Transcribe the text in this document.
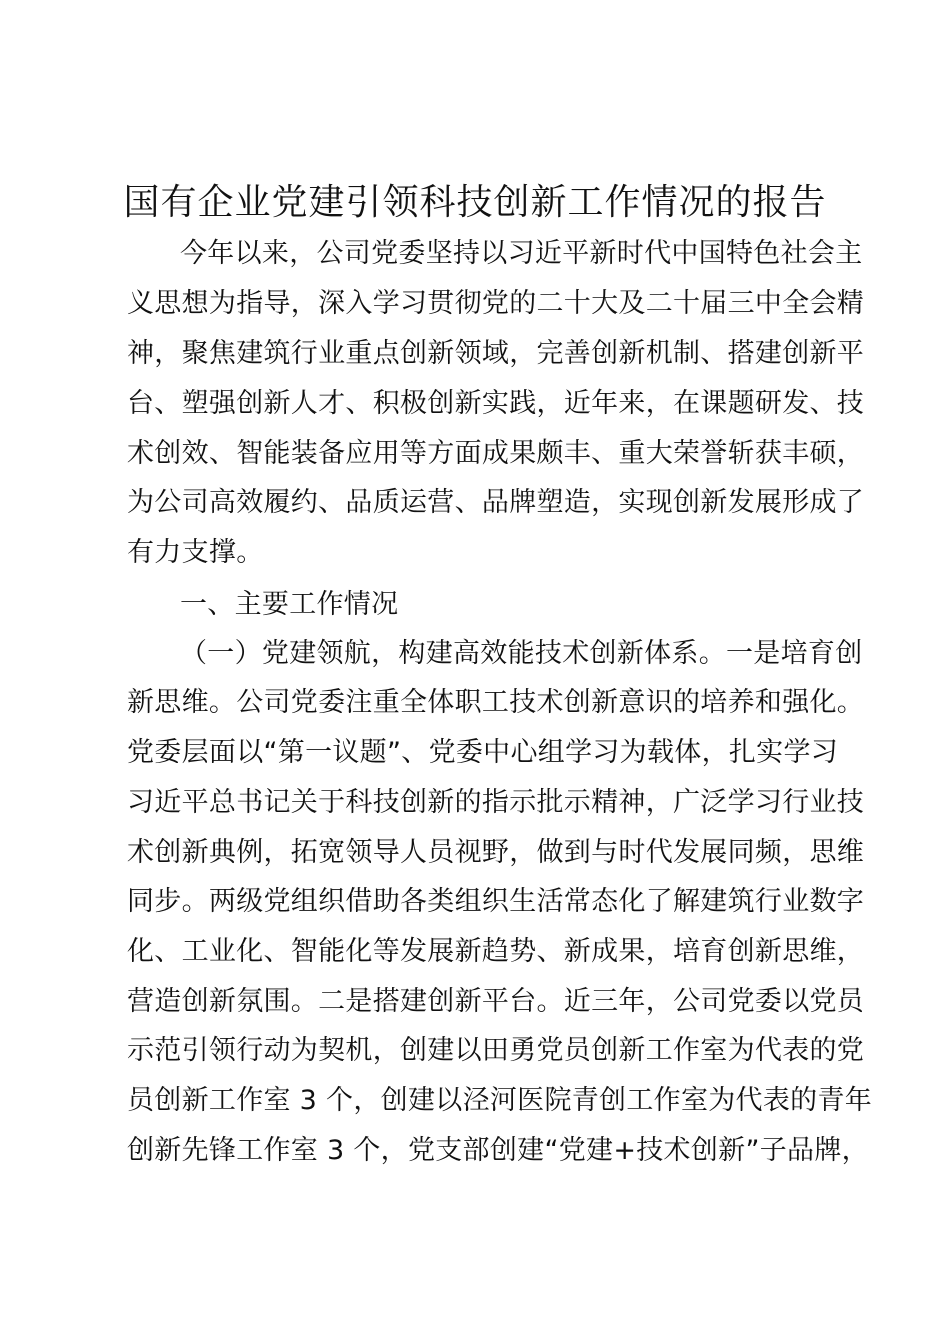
国有企业党建引领科技创新工作情况的报告
今年以来，公司党委坚持以习近平新时代中国特色社会主
义思想为指导，深入学习贯彻党的二十大及二十届三中全会精
神，聚焦建筑行业重点创新领域，完善创新机制、搭建创新平
台、塑强创新人才、积极创新实践，近年来，在课题研发、技
术创效、智能装备应用等方面成果颇丰、重大荣誉斩获丰硕，
为公司高效履约、品质运营、品牌塑造，实现创新发展形成了
有力支撑。
一、主要工作情况
（一）党建领航，构建高效能技术创新体系。一是培育创
新思维。公司党委注重全体职工技术创新意识的培养和强化。
党委层面以“第一议题”、党委中心组学习为载体，扎实学习
习近平总书记关于科技创新的指示批示精神，广泛学习行业技
术创新典例，拓宽领导人员视野，做到与时代发展同频，思维
同步。两级党组织借助各类组织生活常态化了解建筑行业数字
化、工业化、智能化等发展新趋势、新成果，培育创新思维，
营造创新氛围。二是搭建创新平台。近三年，公司党委以党员
示范引领行动为契机，创建以田勇党员创新工作室为代表的党
员创新工作室 3 个，创建以泾河医院青创工作室为代表的青年
创新先锋工作室 3 个，党支部创建“党建+技术创新”子品牌，
